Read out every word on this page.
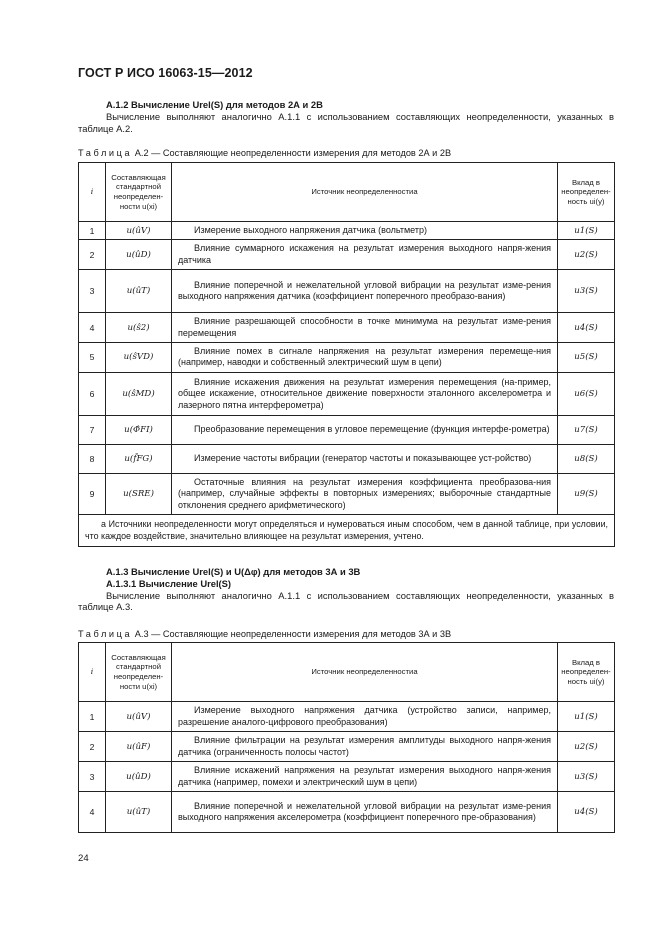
ГОСТ Р ИСО 16063-15—2012
А.1.2 Вычисление Urel(S) для методов 2А и 2В
Вычисление выполняют аналогично А.1.1 с использованием составляющих неопределенности, указанных в таблице А.2.
Таблица А.2 — Составляющие неопределенности измерения для методов 2А и 2В
i	Составляющая стандартной неопределен-ности u(xi)	Источник неопределенностиa	Вклад в неопределен-ность ui(y)
1	u(ûV)	Измерение выходного напряжения датчика (вольтметр)	u1(S)
2	u(ûD)	Влияние суммарного искажения на результат измерения выходного напря-жения датчика	u2(S)
3	u(ûT)	Влияние поперечной и нежелательной угловой вибрации на результат изме-рения выходного напряжения датчика (коэффициент поперечного преобразо-вания)	u3(S)
4	u(ŝ2)	Влияние разрешающей способности в точке минимума на результат изме-рения перемещения	u4(S)
5	u(ŝVD)	Влияние помех в сигнале напряжения на результат измерения перемеще-ния (например, наводки и собственный электрический шум в цепи)	u5(S)
6	u(ŝMD)	Влияние искажения движения на результат измерения перемещения (на-пример, общее искажение, относительное движение поверхности эталонного акселерометра и лазерного пятна интерферометра)	u6(S)
7	u(Φ̂FI)	Преобразование перемещения в угловое перемещение (функция интерфе-рометра)	u7(S)
8	u(f̂FG)	Измерение частоты вибрации (генератор частоты и показывающее уст-ройство)	u8(S)
9	u(SRE)	Остаточные влияния на результат измерения коэффициента преобразова-ния (например, случайные эффекты в повторных измерениях; выборочные стандартные отклонения среднего арифметического)	u9(S)

a Источники неопределенности могут определяться и нумероваться иным способом, чем в данной таблице, при условии, что каждое воздействие, значительно влияющее на результат измерения, учтено.			
А.1.3 Вычисление Urel(S) и U(Δφ) для методов 3А и 3В
А.1.3.1 Вычисление Urel(S)
Вычисление выполняют аналогично А.1.1 с использованием составляющих неопределенности, указанных в таблице А.3.
Таблица А.3 — Составляющие неопределенности измерения для методов 3А и 3В
i	Составляющая стандартной неопределен-ности u(xi)	Источник неопределенностиa	Вклад в неопределен-ность ui(y)
1	u(ûV)	Измерение выходного напряжения датчика (устройство записи, например, разрешение аналого-цифрового преобразования)	u1(S)
2	u(ûF)	Влияние фильтрации на результат измерения амплитуды выходного напря-жения датчика (ограниченность полосы частот)	u2(S)
3	u(ûD)	Влияние искажений напряжения на результат измерения выходного напря-жения датчика (например, помехи и электрический шум в цепи)	u3(S)
4	u(ûT)	Влияние поперечной и нежелательной угловой вибрации на результат изме-рения выходного напряжения акселерометра (коэффициент поперечного пре-образования)	u4(S)
24
